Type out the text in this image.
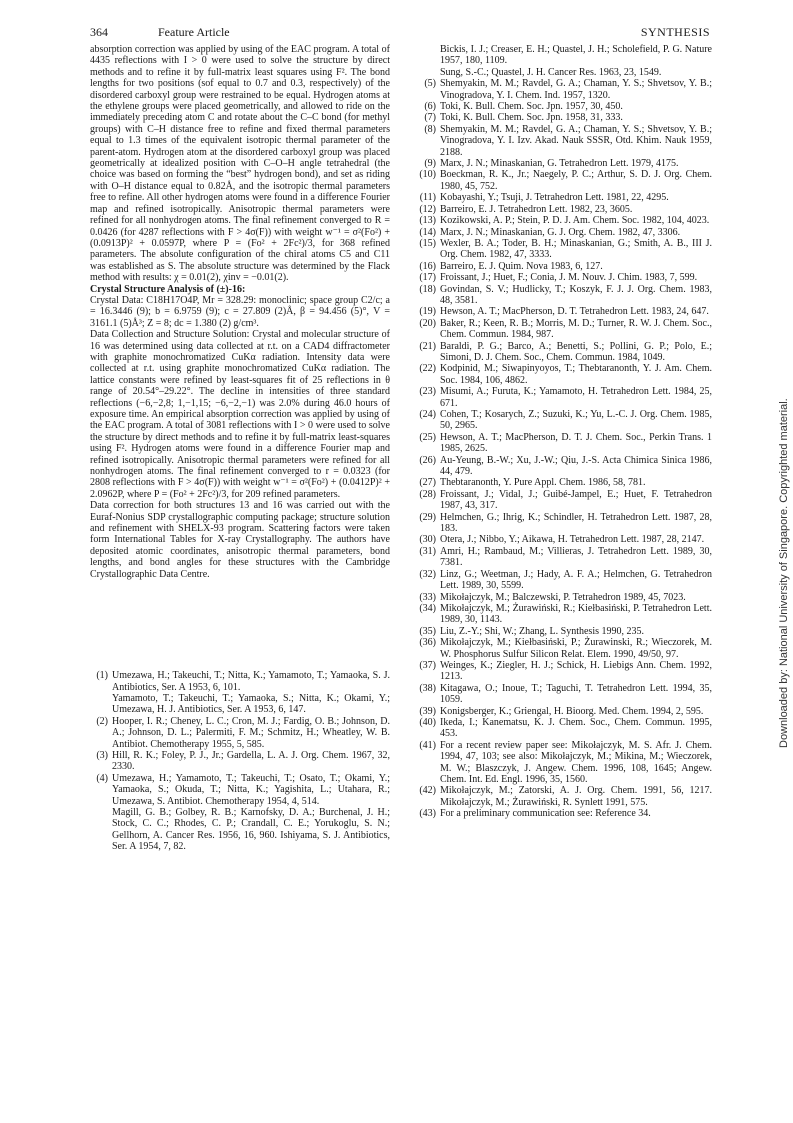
364	Feature Article	SYNTHESIS

absorption correction was applied by using of the EAC program. A total of 4435 reflections with I > 0 were used to solve the structure by direct methods and to refine it by full-matrix least squares using F². The bond lengths for two positions (sof equal to 0.7 and 0.3, respectively) of the disordered carboxyl group were restrained to be equal. Hydrogen atoms at the ethylene groups were placed geometrically, and allowed to ride on the immediately preceding atom C and rotate about the C–C bond (for methyl groups) with C–H distance free to refine and fixed thermal parameters equal to 1.3 times of the equivalent isotropic thermal parameter of the parent-atom. Hydrogen atom at the disordered carboxyl group was placed geometrically at idealized position with C–O–H angle tetrahedral (the choice was based on forming the “best” hydrogen bond), and set as riding with O–H distance equal to 0.82Å, and the isotropic thermal parameters free to refine. All other hydrogen atoms were found in a difference Fourier map and refined isotropically. Anisotropic thermal parameters were refined for all nonhydrogen atoms. The final refinement converged to R = 0.0426 (for 4287 reflections with F > 4σ(F)) with weight w⁻¹ = σ²(Fo²) + (0.0913P)² + 0.0597P, where P = (Fo² + 2Fc²)/3, for 368 refined parameters. The absolute configuration of the chiral atoms C5 and C11 was established as S. The absolute structure was determined by the Flack method with results: χ = 0.01(2), χinv = −0.01(2).

Crystal Structure Analysis of (±)-16:

Crystal Data: C18H17O4P, Mr = 328.29: monoclinic; space group C2/c; a = 16.3446 (9); b = 6.9759 (9); c = 27.809 (2)Å, β = 94.456 (5)°, V = 3161.1 (5)Å³; Z = 8; dc = 1.380 (2) g/cm³.

Data Collection and Structure Solution: Crystal and molecular structure of 16 was determined using data collected at r.t. on a CAD4 diffractometer with graphite monochromatized CuKα radiation. Intensity data were collected at r.t. using graphite monochromatized CuKα radiation. The lattice constants were refined by least-squares fit of 25 reflections in θ range of 20.54°–29.22°. The decline in intensities of three standard reflections (−6,−2,8; 1,−1,15; −6,−2,−1) was 2.0% during 46.0 hours of exposure time. An empirical absorption correction was applied by using of the EAC program. A total of 3081 reflections with I > 0 were used to solve the structure by direct methods and to refine it by full-matrix least-squares using F². Hydrogen atoms were found in a difference Fourier map and refined isotropically. Anisotropic thermal parameters were refined for all nonhydrogen atoms. The final refinement converged to r = 0.0323 (for 2808 reflections with F > 4σ(F)) with weight w⁻¹ = σ²(Fo²) + (0.0412P)² + 2.0962P, where P = (Fo² + 2Fc²)/3, for 209 refined parameters.

Data correction for both structures 13 and 16 was carried out with the Euraf-Nonius SDP crystallographic computing package; structure solution and refinement with SHELX-93 program. Scattering factors were taken form International Tables for X-ray Crystallography. The authors have deposited atomic coordinates, anisotropic thermal parameters, bond lengths, and bond angles for these structures with the Cambridge Crystallographic Data Centre.

(1) Umezawa, H.; Takeuchi, T.; Nitta, K.; Yamamoto, T.; Yamaoka, S. J. Antibiotics, Ser. A 1953, 6, 101.
Yamamoto, T.; Takeuchi, T.; Yamaoka, S.; Nitta, K.; Okami, Y.; Umezawa, H. J. Antibiotics, Ser. A 1953, 6, 147.
(2) Hooper, I. R.; Cheney, L. C.; Cron, M. J.; Fardig, O. B.; Johnson, D. A.; Johnson, D. L.; Palermiti, F. M.; Schmitz, H.; Wheatley, W. B. Antibiot. Chemotherapy 1955, 5, 585.
(3) Hill, R. K.; Foley, P. J., Jr.; Gardella, L. A. J. Org. Chem. 1967, 32, 2330.
(4) Umezawa, H.; Yamamoto, T.; Takeuchi, T.; Osato, T.; Okami, Y.; Yamaoka, S.; Okuda, T.; Nitta, K.; Yagishita, L.; Utahara, R.; Umezawa, S. Antibiot. Chemotherapy 1954, 4, 514.
Magill, G. B.; Golbey, R. B.; Karnofsky, D. A.; Burchenal, J. H.; Stock, C. C.; Rhodes, C. P.; Crandall, C. E.; Yorukoglu, S. N.; Gellhorn, A. Cancer Res. 1956, 16, 960. Ishiyama, S. J. Antibiotics, Ser. A 1954, 7, 82.
Bickis, I. J.; Creaser, E. H.; Quastel, J. H.; Scholefield, P. G. Nature 1957, 180, 1109.
Sung, S.-C.; Quastel, J. H. Cancer Res. 1963, 23, 1549.
(5) Shemyakin, M. M.; Ravdel, G. A.; Chaman, Y. S.; Shvetsov, Y. B.; Vinogradova, Y. I. Chem. Ind. 1957, 1320.
(6) Toki, K. Bull. Chem. Soc. Jpn. 1957, 30, 450.
(7) Toki, K. Bull. Chem. Soc. Jpn. 1958, 31, 333.
(8) Shemyakin, M. M.; Ravdel, G. A.; Chaman, Y. S.; Shvetsov, Y. B.; Vinogradova, Y. I. Izv. Akad. Nauk SSSR, Otd. Khim. Nauk 1959, 2188.
(9) Marx, J. N.; Minaskanian, G. Tetrahedron Lett. 1979, 4175.
(10) Boeckman, R. K., Jr.; Naegely, P. C.; Arthur, S. D. J. Org. Chem. 1980, 45, 752.
(11) Kobayashi, Y.; Tsuji, J. Tetrahedron Lett. 1981, 22, 4295.
(12) Barreiro, E. J. Tetrahedron Lett. 1982, 23, 3605.
(13) Kozikowski, A. P.; Stein, P. D. J. Am. Chem. Soc. 1982, 104, 4023.
(14) Marx, J. N.; Minaskanian, G. J. Org. Chem. 1982, 47, 3306.
(15) Wexler, B. A.; Toder, B. H.; Minaskanian, G.; Smith, A. B., III J. Org. Chem. 1982, 47, 3333.
(16) Barreiro, E. J. Quim. Nova 1983, 6, 127.
(17) Froissant, J.; Huet, F.; Conia, J. M. Nouv. J. Chim. 1983, 7, 599.
(18) Govindan, S. V.; Hudlicky, T.; Koszyk, F. J. J. Org. Chem. 1983, 48, 3581.
(19) Hewson, A. T.; MacPherson, D. T. Tetrahedron Lett. 1983, 24, 647.
(20) Baker, R.; Keen, R. B.; Morris, M. D.; Turner, R. W. J. Chem. Soc., Chem. Commun. 1984, 987.
(21) Baraldi, P. G.; Barco, A.; Benetti, S.; Pollini, G. P.; Polo, E.; Simoni, D. J. Chem. Soc., Chem. Commun. 1984, 1049.
(22) Kodpinid, M.; Siwapinyoyos, T.; Thebtaranonth, Y. J. Am. Chem. Soc. 1984, 106, 4862.
(23) Misumi, A.; Furuta, K.; Yamamoto, H. Tetrahedron Lett. 1984, 25, 671.
(24) Cohen, T.; Kosarych, Z.; Suzuki, K.; Yu, L.-C. J. Org. Chem. 1985, 50, 2965.
(25) Hewson, A. T.; MacPherson, D. T. J. Chem. Soc., Perkin Trans. 1 1985, 2625.
(26) Au-Yeung, B.-W.; Xu, J.-W.; Qiu, J.-S. Acta Chimica Sinica 1986, 44, 479.
(27) Thebtaranonth, Y. Pure Appl. Chem. 1986, 58, 781.
(28) Froissant, J.; Vidal, J.; Guibé-Jampel, E.; Huet, F. Tetrahedron 1987, 43, 317.
(29) Helmchen, G.; Ihrig, K.; Schindler, H. Tetrahedron Lett. 1987, 28, 183.
(30) Otera, J.; Nibbo, Y.; Aikawa, H. Tetrahedron Lett. 1987, 28, 2147.
(31) Amri, H.; Rambaud, M.; Villieras, J. Tetrahedron Lett. 1989, 30, 7381.
(32) Linz, G.; Weetman, J.; Hady, A. F. A.; Helmchen, G. Tetrahedron Lett. 1989, 30, 5599.
(33) Mikołajczyk, M.; Balczewski, P. Tetrahedron 1989, 45, 7023.
(34) Mikołajczyk, M.; Żurawiński, R.; Kiełbasiński, P. Tetrahedron Lett. 1989, 30, 1143.
(35) Liu, Z.-Y.; Shi, W.; Zhang, L. Synthesis 1990, 235.
(36) Mikołajczyk, M.; Kiełbasiński, P.; Żurawinski, R.; Wieczorek, M. W. Phosphorus Sulfur Silicon Relat. Elem. 1990, 49/50, 97.
(37) Weinges, K.; Ziegler, H. J.; Schick, H. Liebigs Ann. Chem. 1992, 1213.
(38) Kitagawa, O.; Inoue, T.; Taguchi, T. Tetrahedron Lett. 1994, 35, 1059.
(39) Konigsberger, K.; Griengal, H. Bioorg. Med. Chem. 1994, 2, 595.
(40) Ikeda, I.; Kanematsu, K. J. Chem. Soc., Chem. Commun. 1995, 453.
(41) For a recent review paper see: Mikołajczyk, M. S. Afr. J. Chem. 1994, 47, 103; see also: Mikołajczyk, M.; Mikina, M.; Wieczorek, M. W.; Blaszczyk, J. Angew. Chem. 1996, 108, 1645; Angew. Chem. Int. Ed. Engl. 1996, 35, 1560.
(42) Mikołajczyk, M.; Zatorski, A. J. Org. Chem. 1991, 56, 1217. Mikołajczyk, M.; Żurawiński, R. Synlett 1991, 575.
(43) For a preliminary communication see: Reference 34.
Downloaded by: National University of Singapore. Copyrighted material.
